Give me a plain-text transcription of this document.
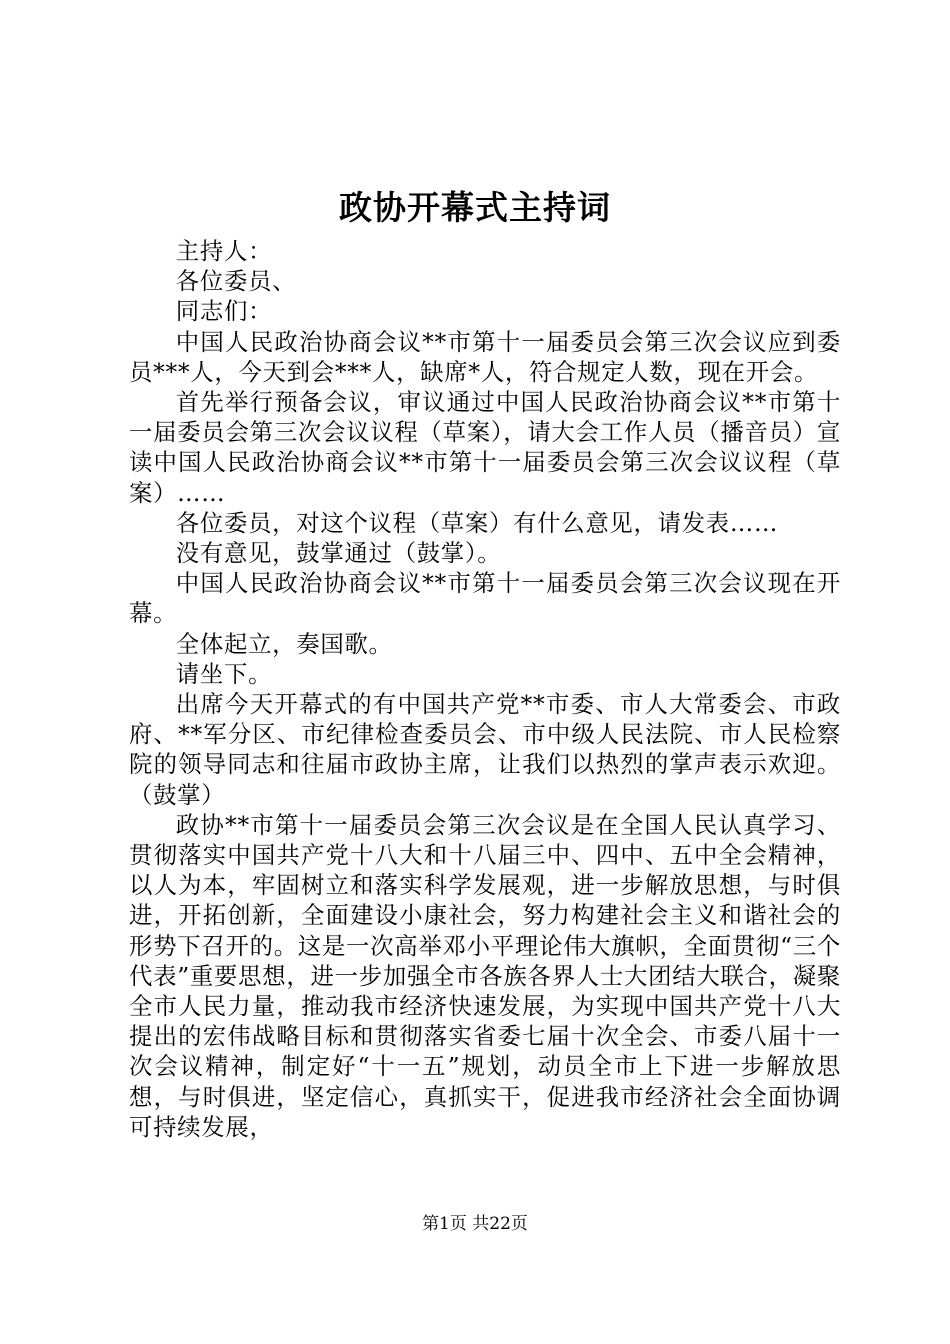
政协开幕式主持词

主持人：

各位委员、

同志们：

中国人民政治协商会议**市第十一届委员会第三次会议应到委员***人，今天到会***人，缺席*人，符合规定人数，现在开会。

首先举行预备会议，审议通过中国人民政治协商会议**市第十一届委员会第三次会议议程（草案），请大会工作人员（播音员）宣读中国人民政治协商会议**市第十一届委员会第三次会议议程（草案）……

各位委员，对这个议程（草案）有什么意见，请发表……

没有意见，鼓掌通过（鼓掌）。

中国人民政治协商会议**市第十一届委员会第三次会议现在开幕。

全体起立，奏国歌。

请坐下。

出席今天开幕式的有中国共产党**市委、市人大常委会、市政府、**军分区、市纪律检查委员会、市中级人民法院、市人民检察院的领导同志和往届市政协主席，让我们以热烈的掌声表示欢迎。（鼓掌）

政协**市第十一届委员会第三次会议是在全国人民认真学习、贯彻落实中国共产党十八大和十八届三中、四中、五中全会精神，以人为本，牢固树立和落实科学发展观，进一步解放思想，与时俱进，开拓创新，全面建设小康社会，努力构建社会主义和谐社会的形势下召开的。这是一次高举邓小平理论伟大旗帜，全面贯彻“三个代表”重要思想，进一步加强全市各族各界人士大团结大联合，凝聚全市人民力量，推动我市经济快速发展，为实现中国共产党十八大提出的宏伟战略目标和贯彻落实省委七届十次全会、市委八届十一次会议精神，制定好“十一五”规划，动员全市上下进一步解放思想，与时俱进，坚定信心，真抓实干，促进我市经济社会全面协调可持续发展，

第1页 共22页
